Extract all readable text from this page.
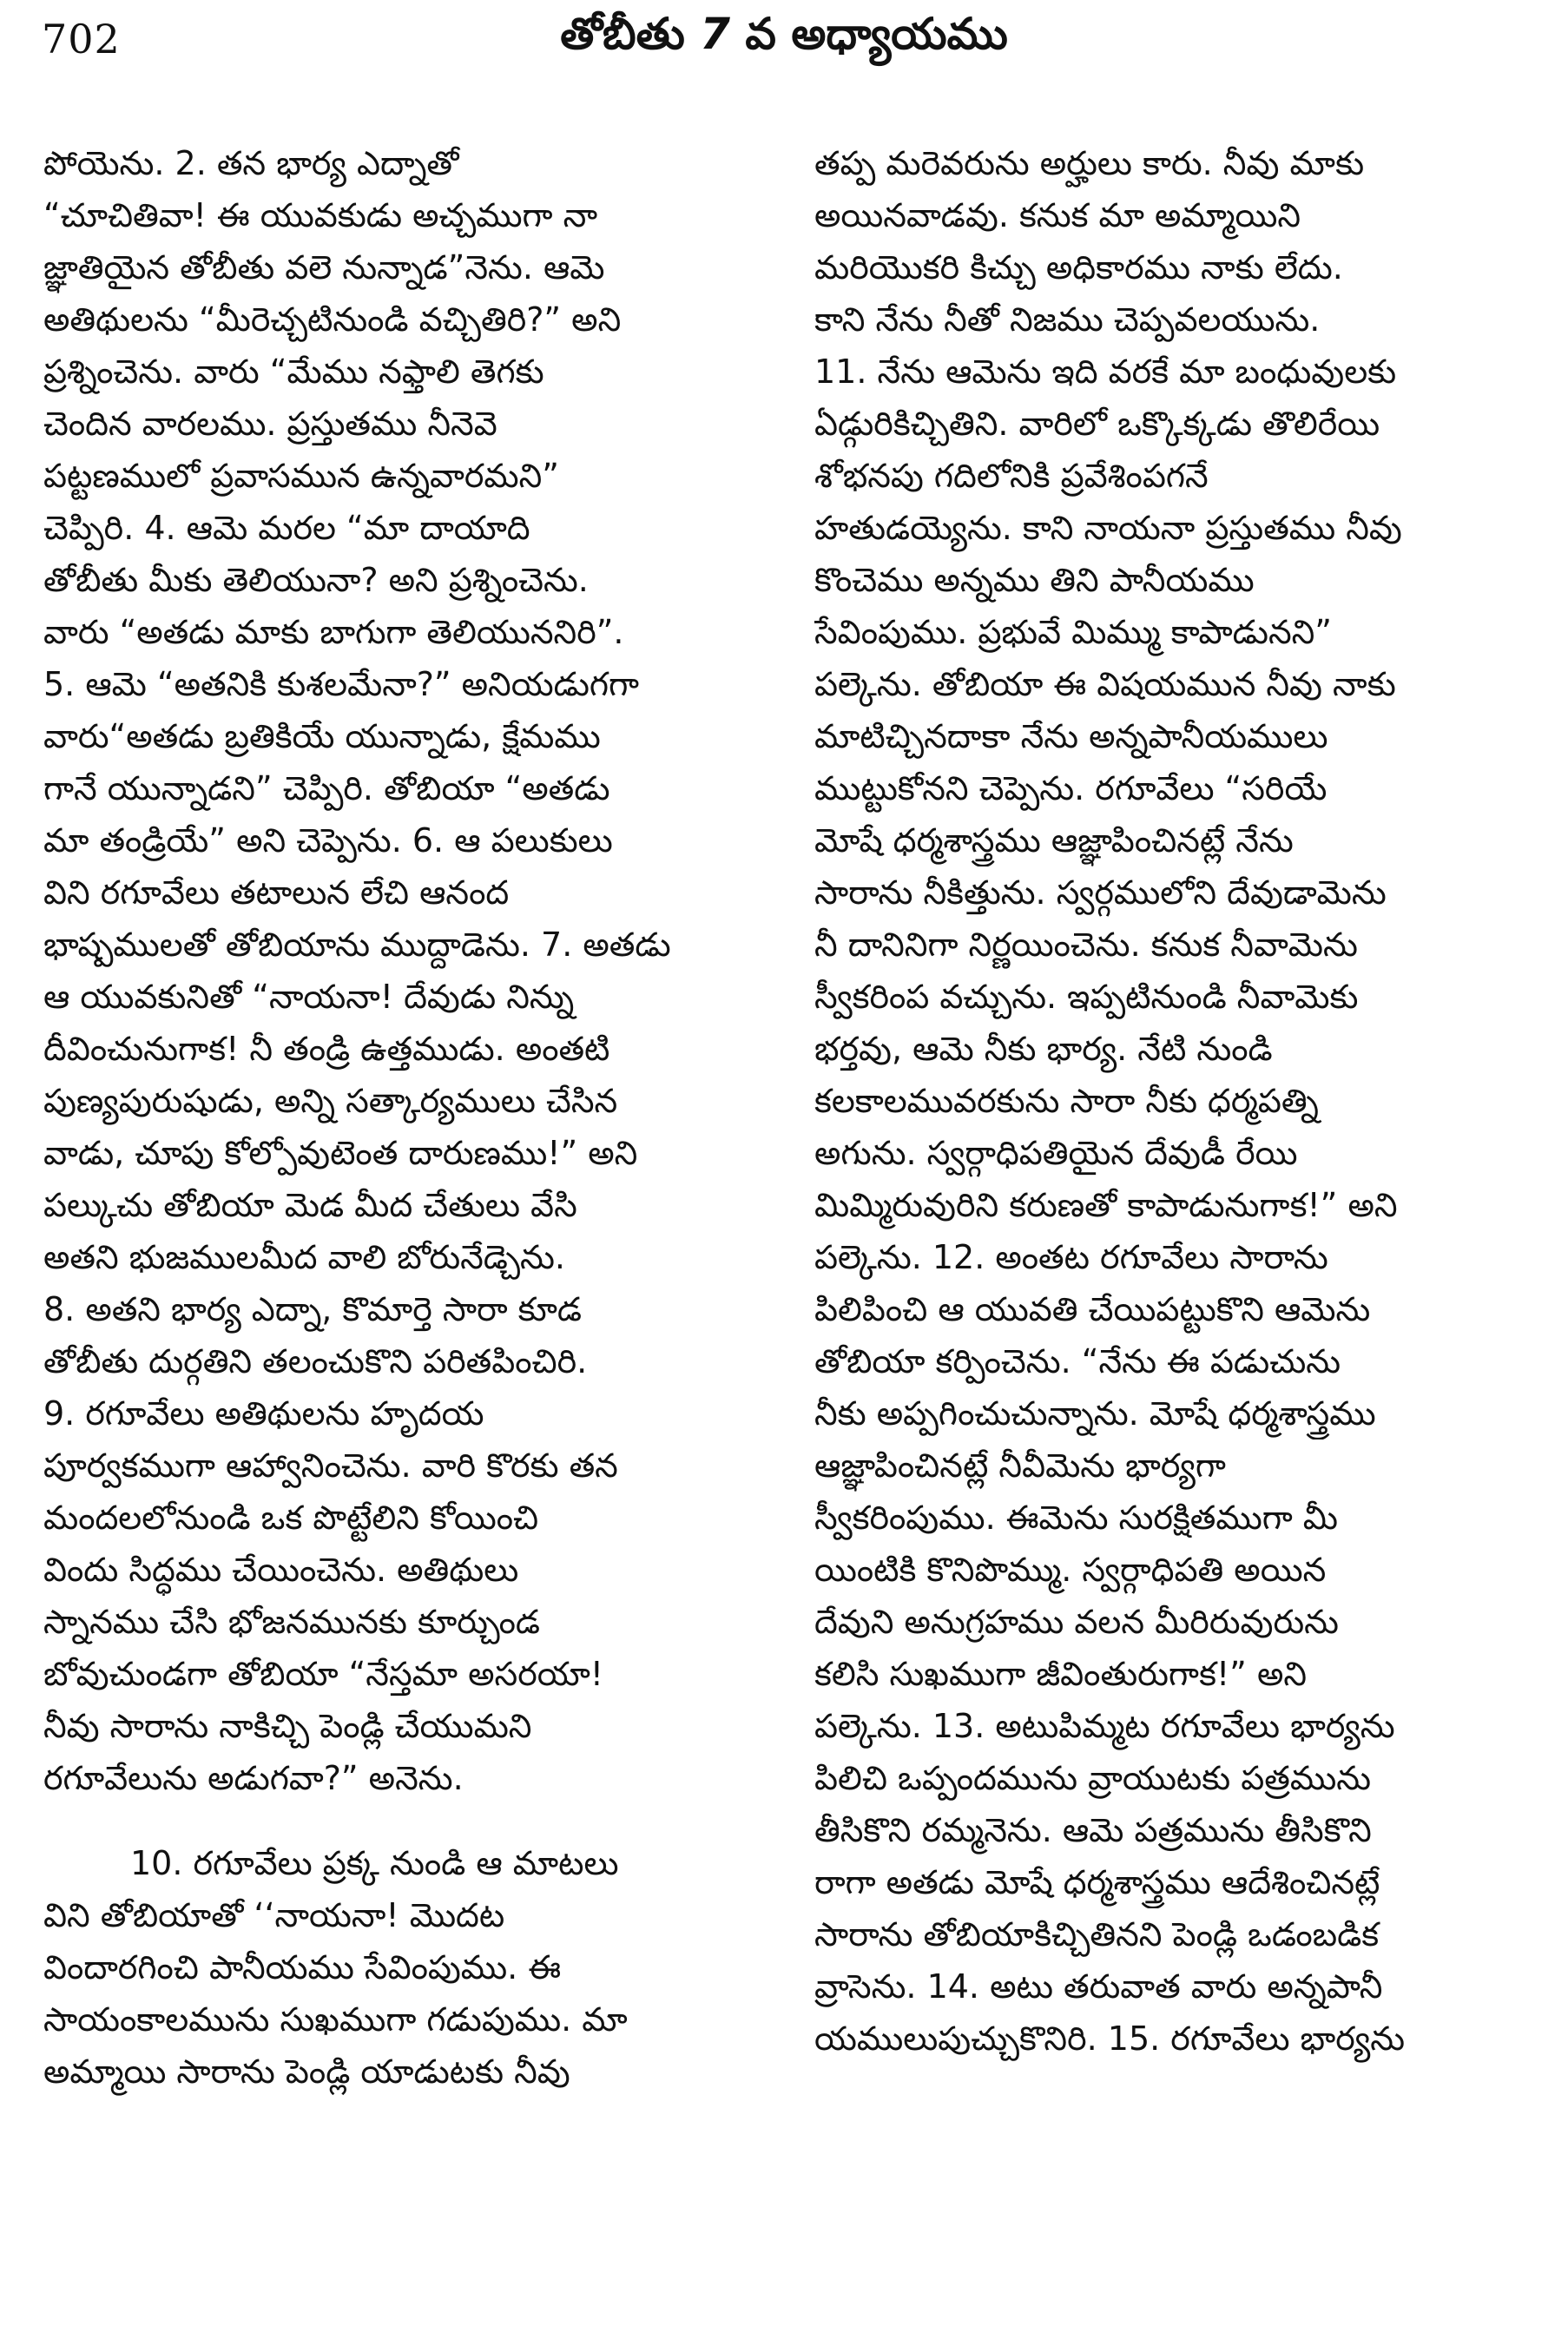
702	తోబీతు 7 వ అధ్యాయము
పోయెను. 2. తన భార్య ఎద్నాతో
“చూచితివా! ఈ యువకుడు అచ్చముగా నా
జ్ఞాతియైన తోబీతు వలె నున్నాడ”నెను. ఆమె
అతిథులను “మీరెచ్చటినుండి వచ్చితిరి?” అని
ప్రశ్నించెను. వారు “మేము నఫ్తాలి తెగకు
చెందిన వారలము. ప్రస్తుతము నీనెవె
పట్టణములో ప్రవాసమున ఉన్నవారమని”
చెప్పిరి. 4. ఆమె మరల “మా దాయాది
తోబీతు మీకు తెలియునా? అని ప్రశ్నించెను.
వారు “అతడు మాకు బాగుగా తెలియుననిరి”.
5. ఆమె “అతనికి కుశలమేనా?” అనియడుగగా
వారు“అతడు బ్రతికియే యున్నాడు, క్షేమము
గానే యున్నాడని” చెప్పిరి. తోబియా “అతడు
మా తండ్రియే” అని చెప్పెను. 6. ఆ పలుకులు
విని రగూవేలు తటాలున లేచి ఆనంద
భాష్పములతో తోబియాను ముద్దాడెను. 7. అతడు
ఆ యువకునితో “నాయనా! దేవుడు నిన్ను
దీవించునుగాక! నీ తండ్రి ఉత్తముడు. అంతటి
పుణ్యపురుషుడు, అన్ని సత్కార్యములు చేసిన
వాడు, చూపు కోల్పోవుటెంత దారుణము!” అని
పల్కుచు తోబియా మెడ మీద చేతులు వేసి
అతని భుజములమీద వాలి బోరునేడ్చెను.
8. అతని భార్య ఎద్నా, కొమార్తె సారా కూడ
తోబీతు దుర్గతిని తలంచుకొని పరితపించిరి.
9. రగూవేలు అతిథులను హృదయ
పూర్వకముగా ఆహ్వానించెను. వారి కొరకు తన
మందలలోనుండి ఒక పొట్టేలిని కోయించి
విందు సిద్ధము చేయించెను. అతిథులు
స్నానము చేసి భోజనమునకు కూర్చుండ
బోవుచుండగా తోబియా “నేస్తమా అసరయా!
నీవు సారాను నాకిచ్చి పెండ్లి చేయుమని
రగూవేలును అడుగవా?” అనెను.
10. రగూవేలు ప్రక్క నుండి ఆ మాటలు
విని తోబియాతో ‘‘నాయనా! మొదట
విందారగించి పానీయము సేవింపుము. ఈ
సాయంకాలమును సుఖముగా గడుపుము. మా
అమ్మాయి సారాను పెండ్లి యాడుటకు నీవు
తప్ప మరెవరును అర్హులు కారు. నీవు మాకు
అయినవాడవు. కనుక మా అమ్మాయిని
మరియొకరి కిచ్చు అధికారము నాకు లేదు.
కాని నేను నీతో నిజము చెప్పవలయును.
11. నేను ఆమెను ఇది వరకే మా బంధువులకు
ఏడ్గురికిచ్చితిని. వారిలో ఒక్కొక్కడు తొలిరేయి
శోభనపు గదిలోనికి ప్రవేశింపగనే
హతుడయ్యెను. కాని నాయనా ప్రస్తుతము నీవు
కొంచెము అన్నము తిని పానీయము
సేవింపుము. ప్రభువే మిమ్ము కాపాడునని”
పల్కెను. తోబియా ఈ విషయమున నీవు నాకు
మాటిచ్చినదాకా నేను అన్నపానీయములు
ముట్టుకోనని చెప్పెను. రగూవేలు “సరియే
మోషే ధర్మశాస్త్రము ఆజ్ఞాపించినట్లే నేను
సారాను నీకిత్తును. స్వర్గములోని దేవుడామెను
నీ దానినిగా నిర్ణయించెను. కనుక నీవామెను
స్వీకరింప వచ్చును. ఇప్పటినుండి నీవామెకు
భర్తవు, ఆమె నీకు భార్య. నేటి నుండి
కలకాలమువరకును సారా నీకు ధర్మపత్ని
అగును. స్వర్గాధిపతియైన దేవుడీ రేయి
మిమ్మిరువురిని కరుణతో కాపాడునుగాక!” అని
పల్కెను. 12. అంతట రగూవేలు సారాను
పిలిపించి ఆ యువతి చేయిపట్టుకొని ఆమెను
తోబియా కర్పించెను. “నేను ఈ పడుచును
నీకు అప్పగించుచున్నాను. మోషే ధర్మశాస్త్రము
ఆజ్ఞాపించినట్లే నీవీమెను భార్యగా
స్వీకరింపుము. ఈమెను సురక్షితముగా మీ
యింటికి కొనిపొమ్ము. స్వర్గాధిపతి అయిన
దేవుని అనుగ్రహము వలన మీరిరువురును
కలిసి సుఖముగా జీవింతురుగాక!” అని
పల్కెను. 13. అటుపిమ్మట రగూవేలు భార్యను
పిలిచి ఒప్పందమును వ్రాయుటకు పత్రమును
తీసికొని రమ్మనెను. ఆమె పత్రమును తీసికొని
రాగా అతడు మోషే ధర్మశాస్త్రము ఆదేశించినట్లే
సారాను తోబియాకిచ్చితినని పెండ్లి ఒడంబడిక
వ్రాసెను. 14. అటు తరువాత వారు అన్నపానీ
యములుపుచ్చుకొనిరి. 15. రగూవేలు భార్యను
